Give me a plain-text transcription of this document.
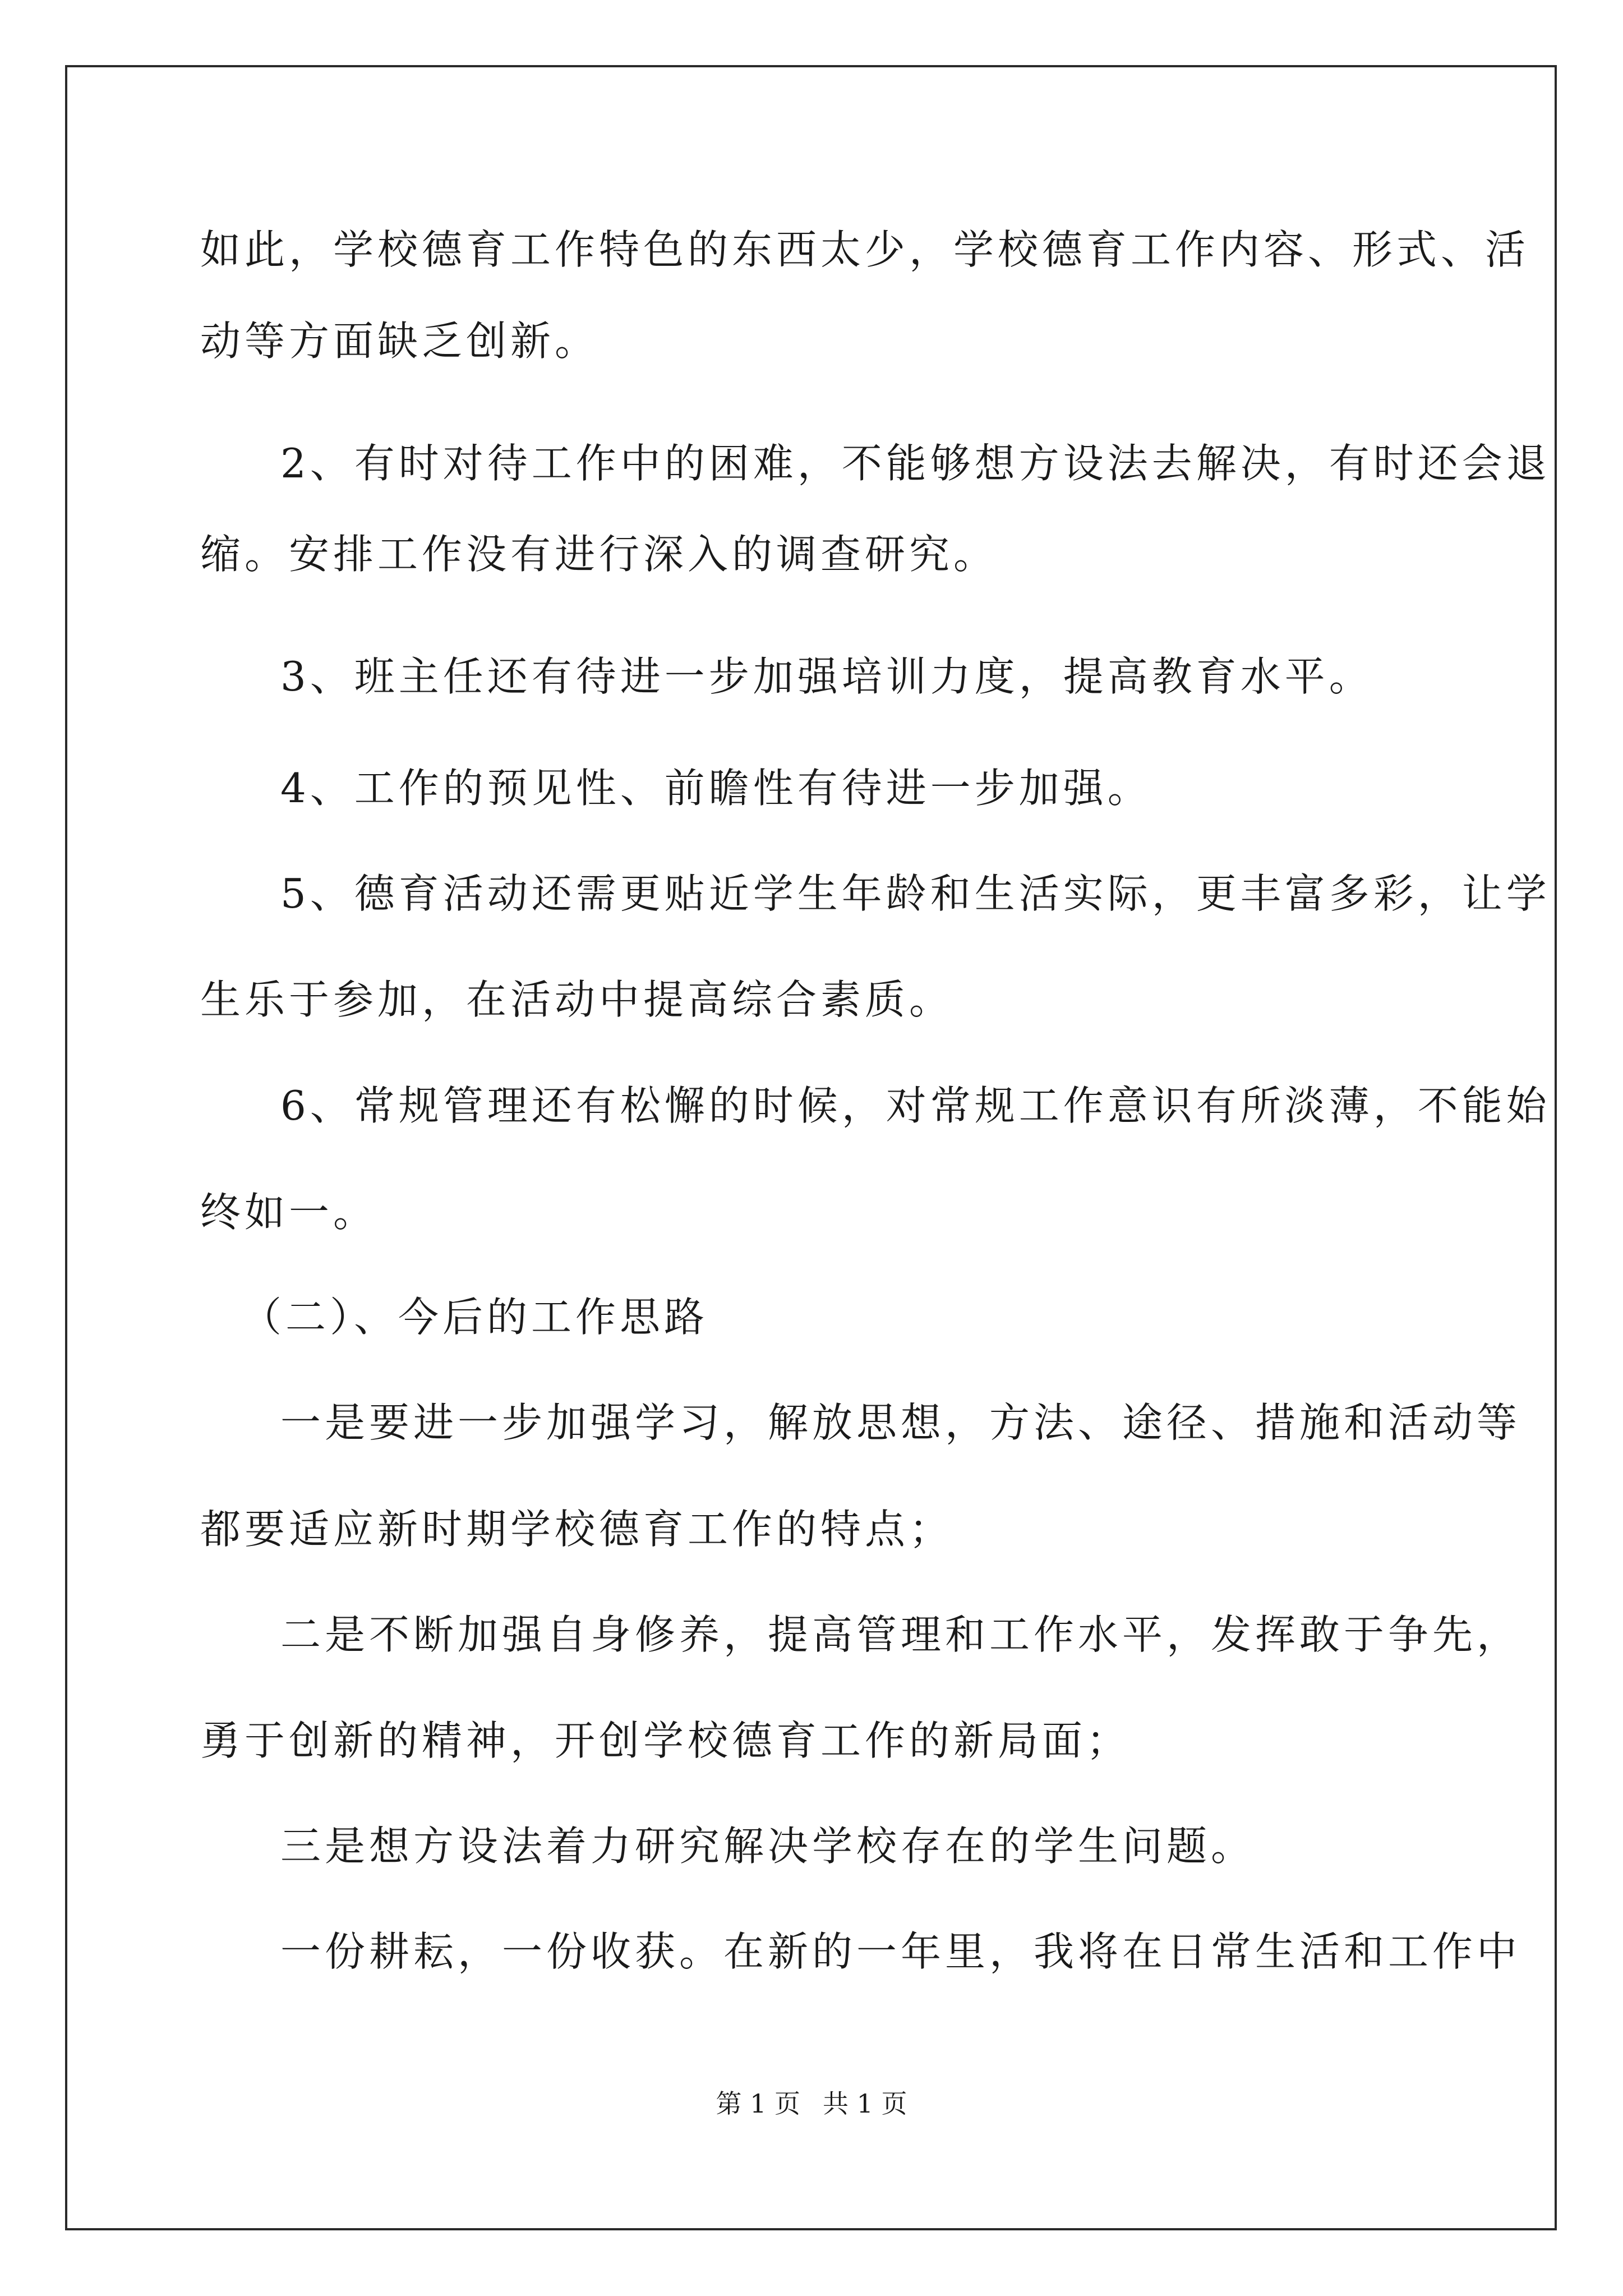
如此，学校德育工作特色的东西太少，学校德育工作内容、形式、活
动等方面缺乏创新。
2、有时对待工作中的困难，不能够想方设法去解决，有时还会退
缩。安排工作没有进行深入的调查研究。
3、班主任还有待进一步加强培训力度，提高教育水平。
4、工作的预见性、前瞻性有待进一步加强。
5、德育活动还需更贴近学生年龄和生活实际，更丰富多彩，让学
生乐于参加，在活动中提高综合素质。
6、常规管理还有松懈的时候，对常规工作意识有所淡薄，不能始
终如一。
（二）、今后的工作思路
一是要进一步加强学习，解放思想，方法、途径、措施和活动等
都要适应新时期学校德育工作的特点；
二是不断加强自身修养，提高管理和工作水平，发挥敢于争先，
勇于创新的精神，开创学校德育工作的新局面；
三是想方设法着力研究解决学校存在的学生问题。
一份耕耘，一份收获。在新的一年里，我将在日常生活和工作中
第 1 页 共 1 页
